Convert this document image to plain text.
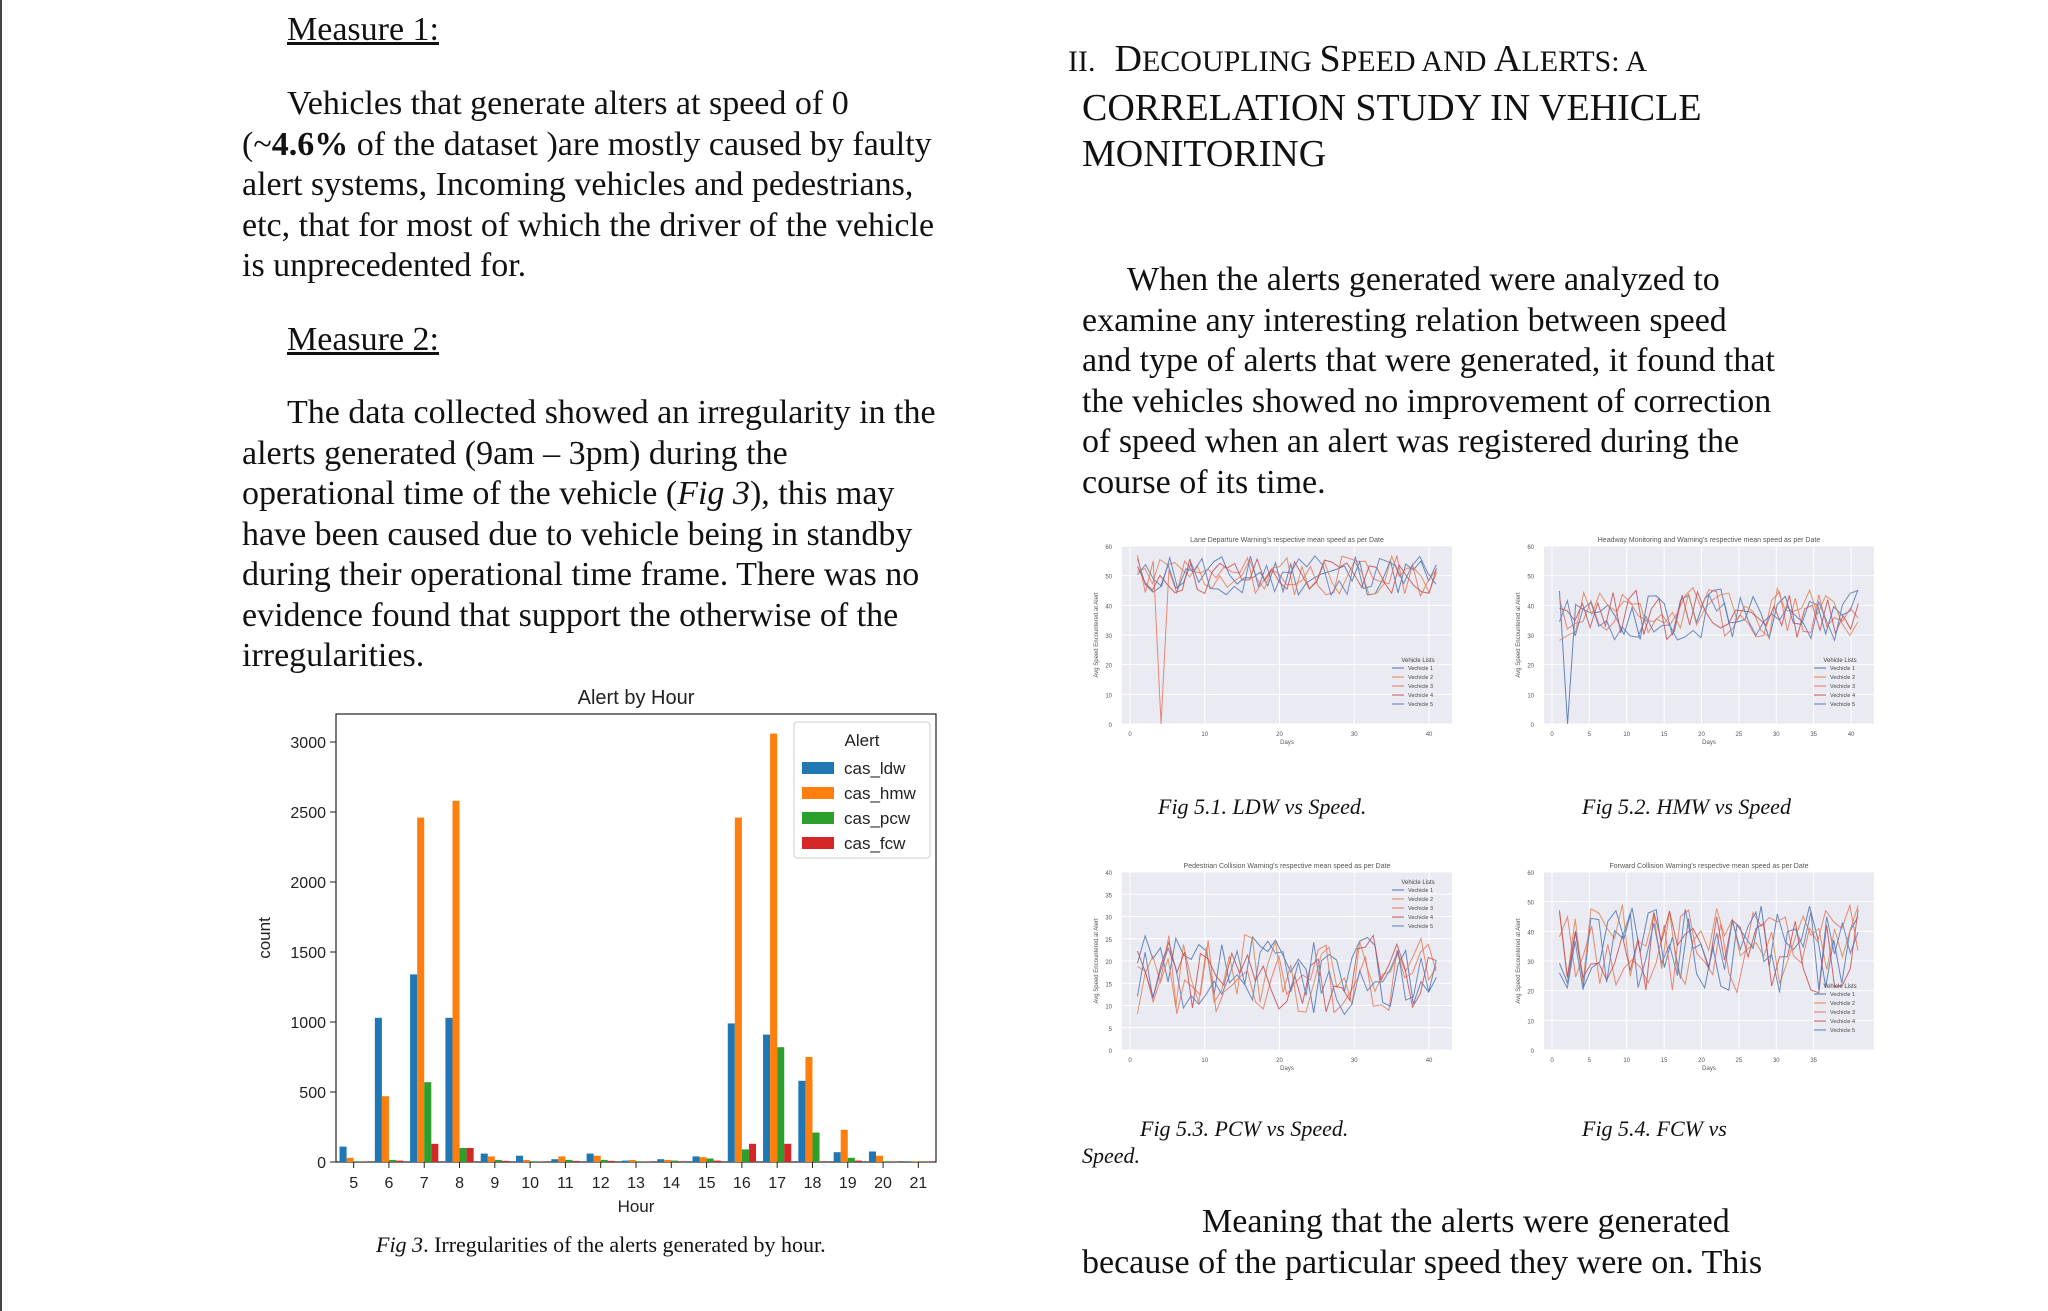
Measure 1:
Vehicles that generate alters at speed of 0
(~4.6% of the dataset )are mostly caused by faulty
alert systems, Incoming vehicles and pedestrians,
etc, that for most of which the driver of the vehicle
is unprecedented for.
Measure 2:
The data collected showed an irregularity in the
alerts generated (9am – 3pm) during the
operational time of the vehicle (Fig 3), this may
have been caused due to vehicle being in standby
during their operational time frame. There was no
evidence found that support the otherwise of the
irregularities.
Alert by Hour
0
500
1000
1500
2000
2500
3000
count
5 6 7 8 9 10 11 12 13 14 15 16 17 18 19 20 21
Hour
Alert
cas_ldw
cas_hmw
cas_pcw
cas_fcw
Fig 3. Irregularities of the alerts generated by hour.
II. DECOUPLING SPEED AND ALERTS: A
CORRELATION STUDY IN VEHICLE
MONITORING
When the alerts generated were analyzed to
examine any interesting relation between speed
and type of alerts that were generated, it found that
the vehicles showed no improvement of correction
of speed when an alert was registered during the
course of its time.
Lane Departure Warning's respective mean speed as per Date
0
10
20
30
40
50
60
0	10	20	30	40
Days
Avg Speed Encountered at Alert	Vehicle Lists
Vechicle 1
Vechicle 2
Vechicle 3
Vechicle 4
Vechicle 5
Headway Monitoring and Warning's respective mean speed as per Date
0
10
20
30
40
50
60
0	5	10	15	20	25	30	35	40
Days
Avg Speed Encountered at Alert	Vehicle Lists
Vechicle 1
Vechicle 2
Vechicle 3
Vechicle 4
Vechicle 5
Pedestrian Collision Warning's respective mean speed as per Date
0
5
10
15
20
25
30
35
40
0	10	20	30	40
Days
Avg Speed Encountered at Alert
Vehicle Lists
Vechicle 1
Vechicle 2
Vechicle 3
Vechicle 4
Vechicle 5
Forward Collision Warning's respective mean speed as per Date
0
10
20
30
40
50
60
0	5	10	15	20	25	30	35
Days
Avg Speed Encountered at Alert	Vehicle Lists
Vechicle 1
Vechicle 2
Vechicle 3
Vechicle 4
Vechicle 5
Fig 5.1. LDW vs Speed.	Fig 5.2. HMW vs Speed
Fig 5.3. PCW vs Speed.
Speed.
Fig 5.4. FCW vs
Meaning that the alerts were generated
because of the particular speed they were on. This
